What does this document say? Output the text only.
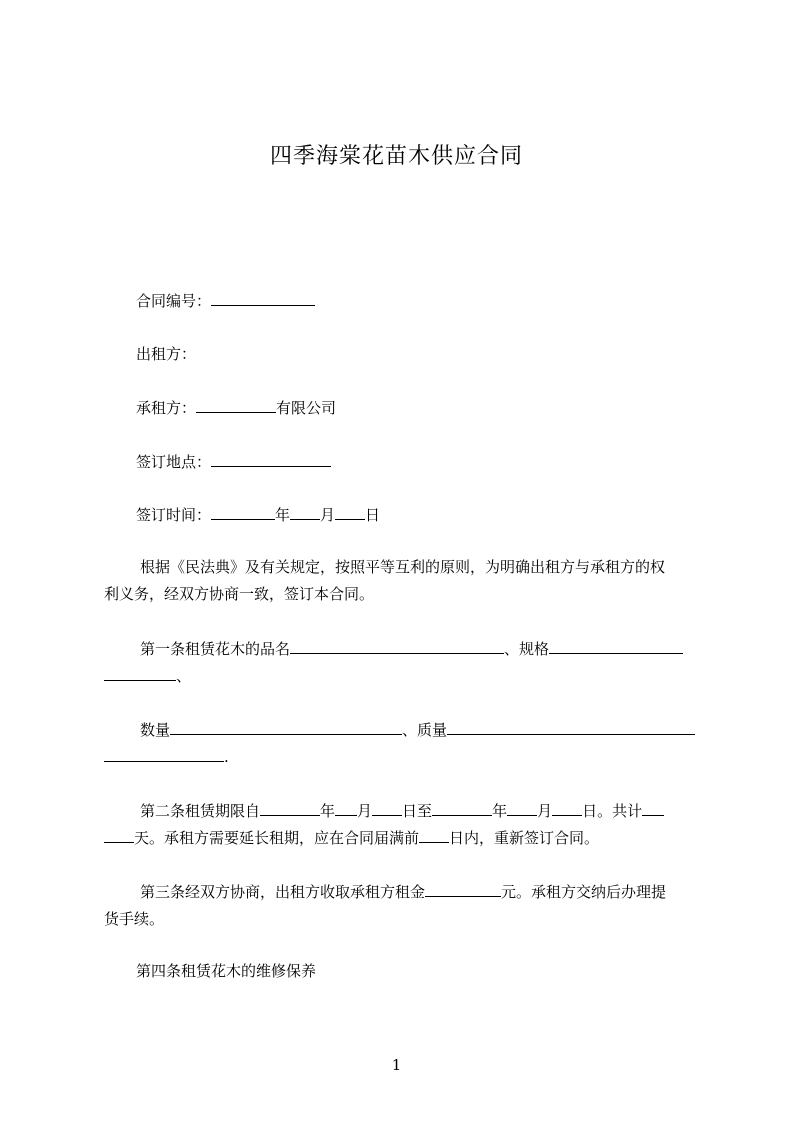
四季海棠花苗木供应合同
合同编号：
出租方：
承租方：	有限公司
签订地点：
签订时间：	年 月 日
根据《民法典》及有关规定，按照平等互利的原则，为明确出租方与承租方的权
利义务，经双方协商一致，签订本合同。
第一条租赁花木的品名	、规格
、
数量	、质量
.
第二条租赁期限自	年 月 日至	年 月 日。共计
天。承租方需要延长租期，应在合同届满前 日内，重新签订合同。
第三条经双方协商，出租方收取承租方租金	元。承租方交纳后办理提
货手续。
第四条租赁花木的维修保养
1
